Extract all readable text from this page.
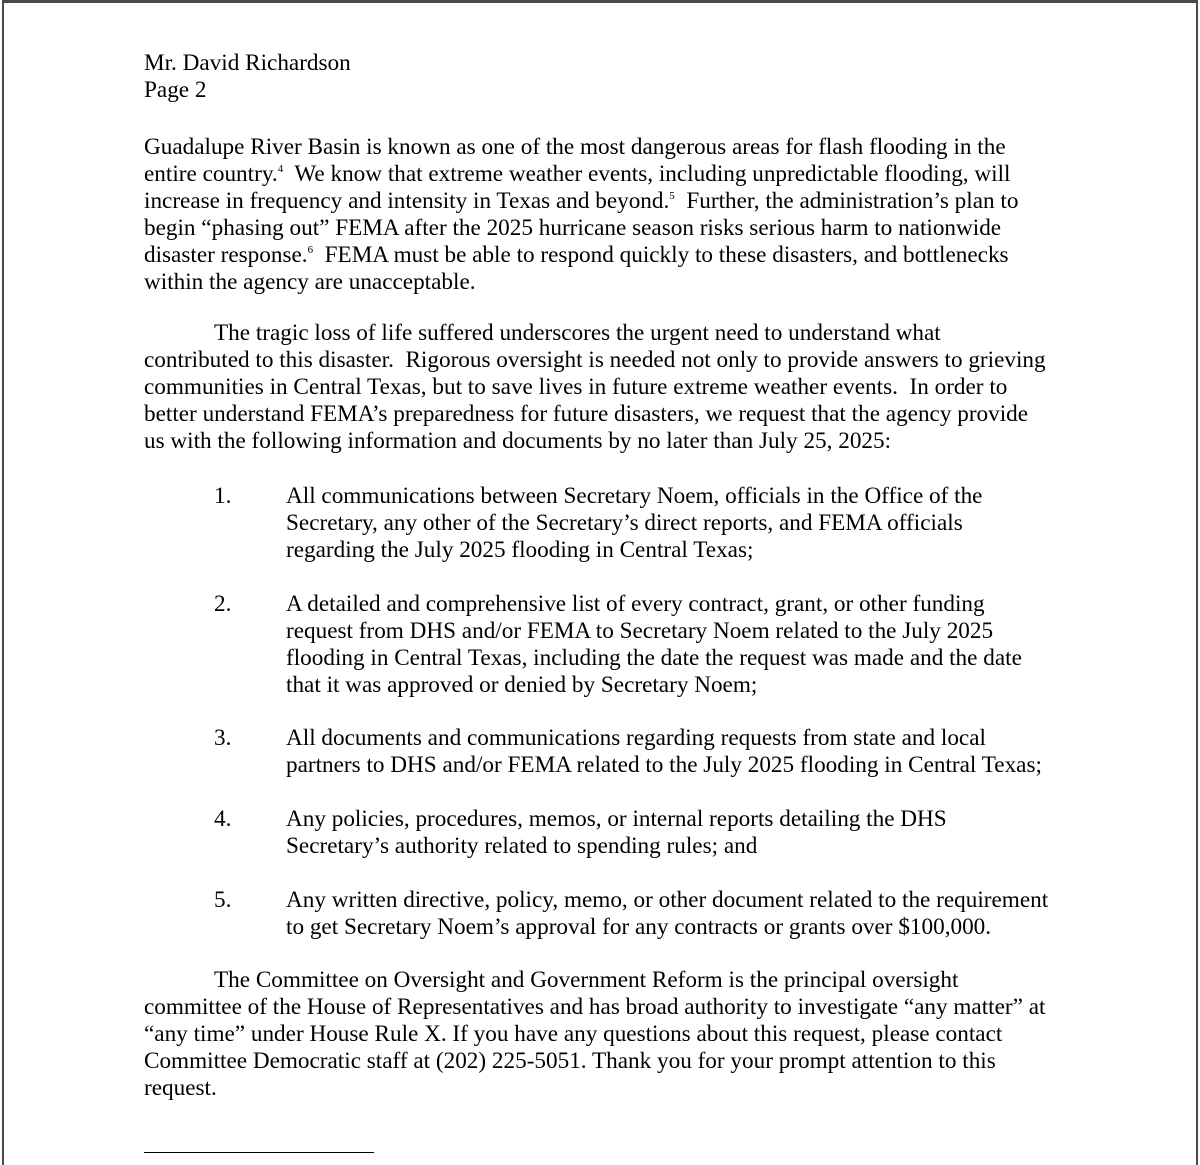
Mr. David Richardson
Page 2
Guadalupe River Basin is known as one of the most dangerous areas for flash flooding in the
entire country.$^4$  We know that extreme weather events, including unpredictable flooding, will
increase in frequency and intensity in Texas and beyond.$^5$  Further, the administration’s plan to
begin “phasing out” FEMA after the 2025 hurricane season risks serious harm to nationwide
disaster response.$^6$  FEMA must be able to respond quickly to these disasters, and bottlenecks
within the agency are unacceptable.
The tragic loss of life suffered underscores the urgent need to understand what
contributed to this disaster.  Rigorous oversight is needed not only to provide answers to grieving
communities in Central Texas, but to save lives in future extreme weather events.  In order to
better understand FEMA’s preparedness for future disasters, we request that the agency provide
us with the following information and documents by no later than July 25, 2025:
1. All communications between Secretary Noem, officials in the Office of the
Secretary, any other of the Secretary’s direct reports, and FEMA officials
regarding the July 2025 flooding in Central Texas;
2. A detailed and comprehensive list of every contract, grant, or other funding
request from DHS and/or FEMA to Secretary Noem related to the July 2025
flooding in Central Texas, including the date the request was made and the date
that it was approved or denied by Secretary Noem;
3. All documents and communications regarding requests from state and local
partners to DHS and/or FEMA related to the July 2025 flooding in Central Texas;
4. Any policies, procedures, memos, or internal reports detailing the DHS
Secretary’s authority related to spending rules; and
5. Any written directive, policy, memo, or other document related to the requirement
to get Secretary Noem’s approval for any contracts or grants over $100,000.
The Committee on Oversight and Government Reform is the principal oversight
committee of the House of Representatives and has broad authority to investigate “any matter” at
“any time” under House Rule X. If you have any questions about this request, please contact
Committee Democratic staff at (202) 225-5051. Thank you for your prompt attention to this
request.
